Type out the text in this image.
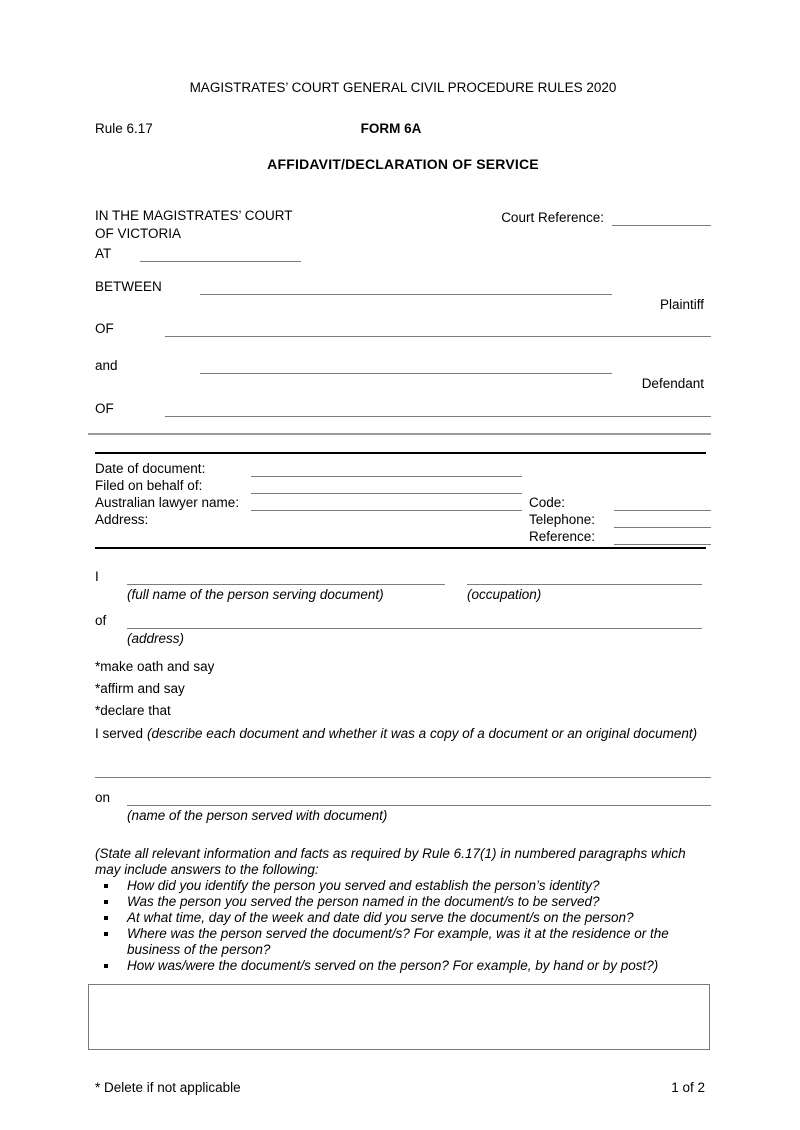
MAGISTRATES’ COURT GENERAL CIVIL PROCEDURE RULES 2020
Rule 6.17	FORM 6A
AFFIDAVIT/DECLARATION OF SERVICE
IN THE MAGISTRATES’ COURT
OF VICTORIA
AT
Court Reference:
BETWEEN
Plaintiff
OF
and
Defendant
OF
Date of document:
Filed on behalf of:
Australian lawyer name:	Code:
Address:	Telephone:
Reference:
I
(full name of the person serving document)	(occupation)
of
(address)
*make oath and say
*affirm and say
*declare that
I served (describe each document and whether it was a copy of a document or an original document)
on
(name of the person served with document)
(State all relevant information and facts as required by Rule 6.17(1) in numbered paragraphs which may include answers to the following:
How did you identify the person you served and establish the person’s identity?
Was the person you served the person named in the document/s to be served?
At what time, day of the week and date did you serve the document/s on the person?
Where was the person served the document/s? For example, was it at the residence or the business of the person?
How was/were the document/s served on the person? For example, by hand or by post?)
* Delete if not applicable	1 of 2
